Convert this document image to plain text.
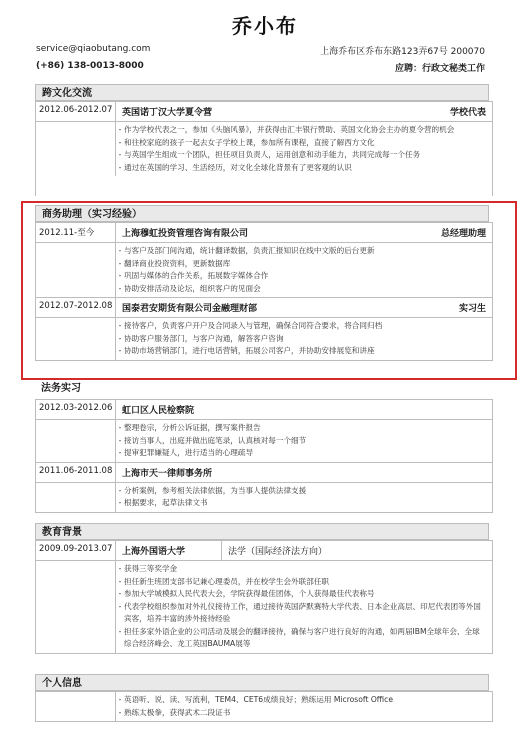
乔小布
service@qiaobutang.com
(+86) 138-0013-8000
上海乔布区乔布东路123弄67号 200070
应聘：行政文秘类工作
跨文化交流
2012.06-2012.07	英国诺丁汉大学夏令营	学校代表
- 作为学校代表之一，参加《头脑风暴》，并获得由汇丰银行赞助、英国文化协会主办的夏令营的机会
- 和往校家庭的孩子一起去女子学校上课，参加所有课程，直接了解西方文化
- 与英国学生组成一个团队，担任项目负责人，运用创意和动手能力，共同完成每一个任务
- 通过在英国的学习、生活经历，对文化全球化背景有了更客观的认识
商务助理（实习经验）
2012.11-至今	上海穆虹投资管理咨询有限公司	总经理助理
- 与客户及部门间沟通，统计翻译数据，负责汇报知识在线中文版的后台更新
- 翻译商业投资资料，更新数据库
- 巩固与媒体的合作关系，拓展数字媒体合作
- 协助安排活动及论坛，组织客户的见面会
2012.07-2012.08	国泰君安期货有限公司金融理财部	实习生
- 接待客户，负责客户开户及合同录入与管理，确保合同符合要求，将合同归档
- 协助客户服务部门，与客户沟通，解答客户咨询
- 协助市场营销部门，进行电话营销，拓展公司客户，并协助安排展览和讲座
法务实习
2012.03-2012.06	虹口区人民检察院
- 整理卷宗，分析公诉证据，撰写案件报告
- 接访当事人，出庭并做出庭笔录，认真核对每一个细节
- 提审犯罪嫌疑人，进行适当的心理疏导
2011.06-2011.08	上海市天一律师事务所
- 分析案例，参考相关法律依据，为当事人提供法律支援
- 根据要求，起草法律文书
教育背景
2009.09-2013.07	上海外国语大学	法学（国际经济法方向）
- 获得三等奖学金
- 担任新生班团支部书记兼心理委员，并在校学生会外联部任职
- 参加大学城模拟人民代表大会，学院获得最佳团体，个人获得最佳代表称号
- 代表学校组织参加对外礼仪接待工作，通过接待英国萨默赛特大学代表、日本企业高层、印尼代表团等外国宾客，培养丰富的涉外接待经验
- 担任多家外语企业的公司活动及展会的翻译接待，确保与客户进行良好的沟通，如两届IBM全球年会、全球综合经济峰会、龙工英国BAUMA展等
个人信息
- 英语听、说、读、写流利，TEM4、CET6成绩良好；熟练运用 Microsoft Office
- 熟练太极拳，获得武术二段证书
